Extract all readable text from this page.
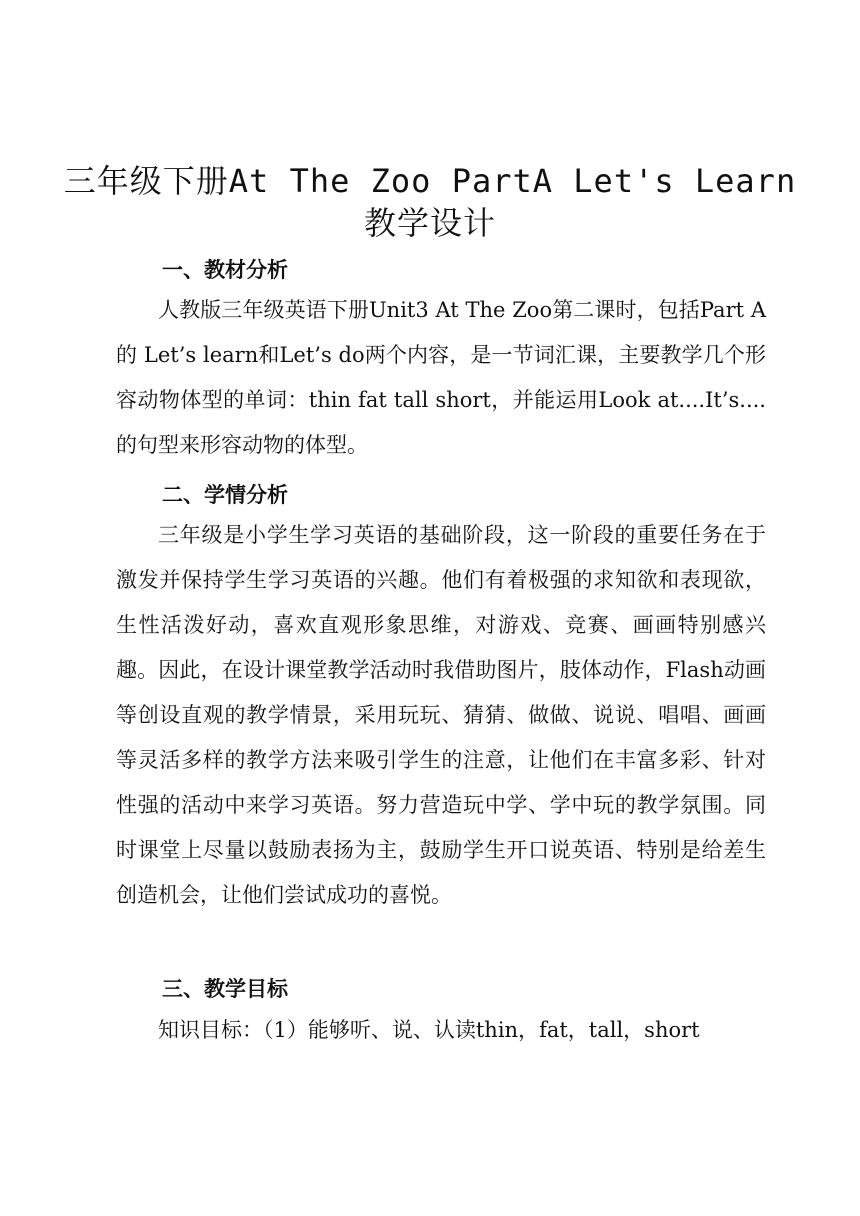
三年级下册At The Zoo PartA Let's Learn
教学设计
一、教材分析
人教版三年级英语下册Unit3 At The Zoo第二课时，包括Part A的 Let’s learn和Let’s do两个内容，是一节词汇课，主要教学几个形容动物体型的单词：thin fat tall short，并能运用Look at....It’s....的句型来形容动物的体型。
二、学情分析
三年级是小学生学习英语的基础阶段，这一阶段的重要任务在于激发并保持学生学习英语的兴趣。他们有着极强的求知欲和表现欲，生性活泼好动，喜欢直观形象思维，对游戏、竞赛、画画特别感兴趣。因此，在设计课堂教学活动时我借助图片，肢体动作，Flash动画等创设直观的教学情景，采用玩玩、猜猜、做做、说说、唱唱、画画等灵活多样的教学方法来吸引学生的注意，让他们在丰富多彩、针对性强的活动中来学习英语。努力营造玩中学、学中玩的教学氛围。同时课堂上尽量以鼓励表扬为主，鼓励学生开口说英语、特别是给差生创造机会，让他们尝试成功的喜悦。
三、教学目标
知识目标：（1）能够听、说、认读thin，fat，tall，short
